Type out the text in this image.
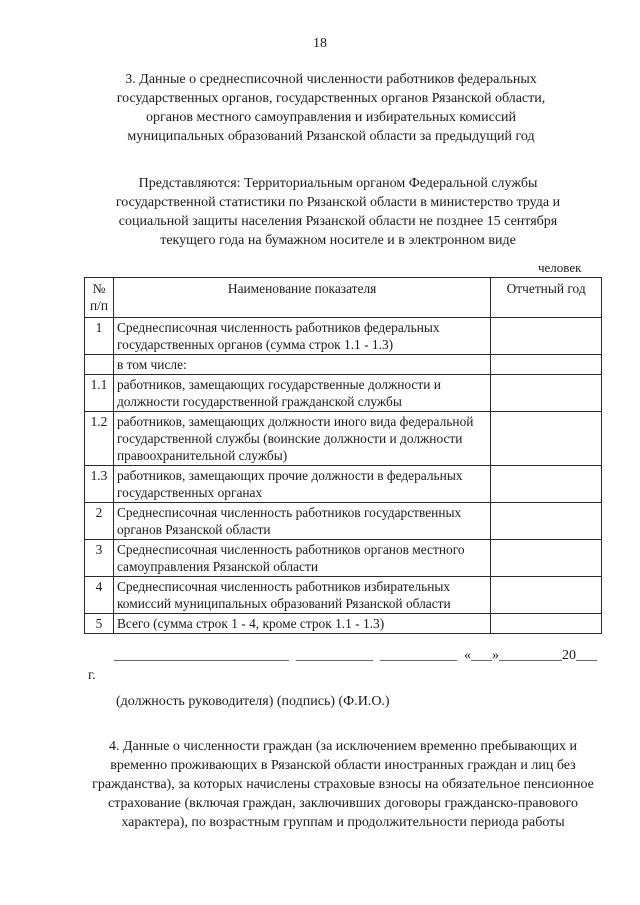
18
3. Данные о среднесписочной численности работников федеральных государственных органов, государственных органов Рязанской области, органов местного самоуправления и избирательных комиссий муниципальных образований Рязанской области за предыдущий год
Представляются: Территориальным органом Федеральной службы государственной статистики по Рязанской области в министерство труда и социальной защиты населения Рязанской области не позднее 15 сентября текущего года на бумажном носителе и в электронном виде
человек
№ п/п	Наименование показателя	Отчетный год
1	Среднесписочная численность работников федеральных государственных органов (сумма строк 1.1 - 1.3)	
	в том числе:	
1.1	работников, замещающих государственные должности и должности государственной гражданской службы	
1.2	работников, замещающих должности иного вида федеральной государственной службы (воинские должности и должности правоохранительной службы)	
1.3	работников, замещающих прочие должности в федеральных государственных органах	
2	Среднесписочная численность работников государственных органов Рязанской области	
3	Среднесписочная численность работников органов местного самоуправления Рязанской области	
4	Среднесписочная численность работников избирательных комиссий муниципальных образований Рязанской области	
5	Всего (сумма строк 1 - 4, кроме строк 1.1 - 1.3)	
_________________________  ___________  ___________  «___»_________20___
г.
(должность руководителя) (подпись) (Ф.И.О.)
4. Данные о численности граждан (за исключением временно пребывающих и временно проживающих в Рязанской области иностранных граждан и лиц без гражданства), за которых начислены страховые взносы на обязательное пенсионное страхование (включая граждан, заключивших договоры гражданско-правового характера), по возрастным группам и продолжительности периода работы
